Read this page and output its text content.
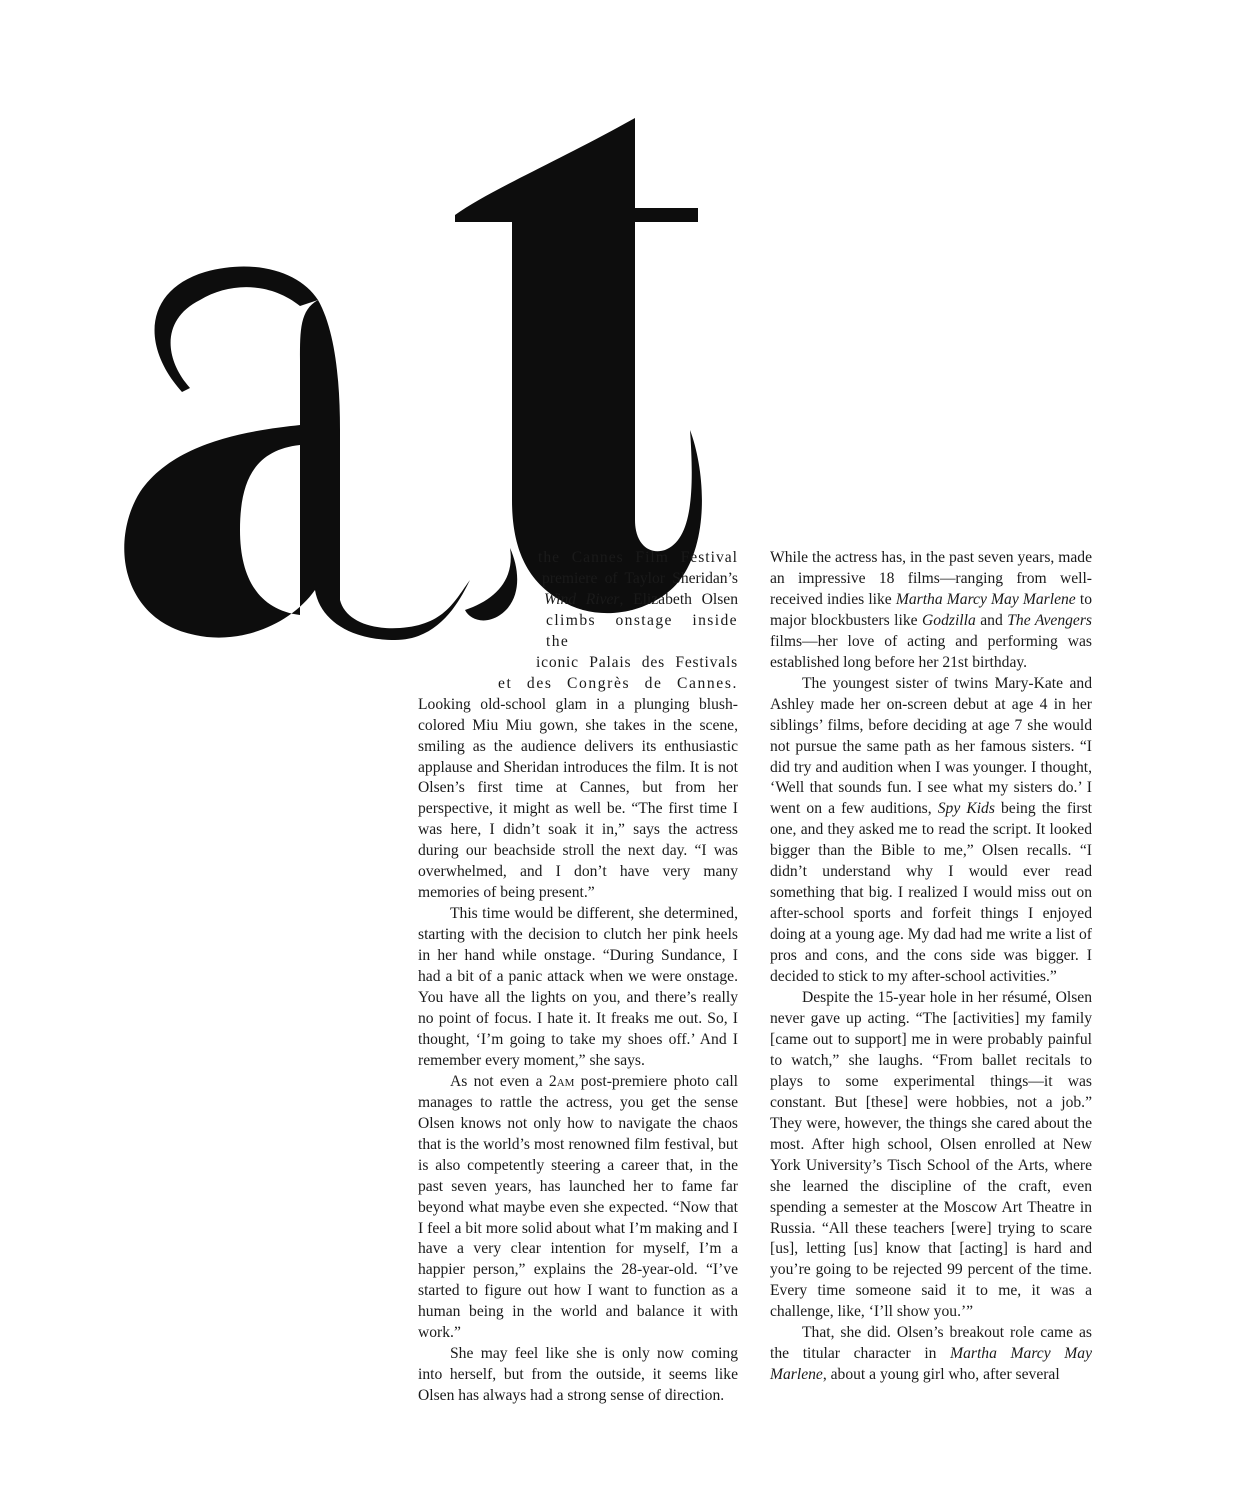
the Cannes Film Festival
premiere of Taylor Sheridan’s
Wind River, Elizabeth Olsen
climbs onstage inside the
iconic Palais des Festivals
et des Congrès de Cannes.

Looking old-school glam in a plunging blush-colored Miu Miu gown, she takes in the scene, smiling as the audience delivers its enthusiastic applause and Sheridan introduces the film. It is not Olsen’s first time at Cannes, but from her perspective, it might as well be. “The first time I was here, I didn’t soak it in,” says the actress during our beachside stroll the next day. “I was overwhelmed, and I don’t have very many memories of being present.”

This time would be different, she determined, starting with the decision to clutch her pink heels in her hand while onstage. “During Sundance, I had a bit of a panic attack when we were onstage. You have all the lights on you, and there’s really no point of focus. I hate it. It freaks me out. So, I thought, ‘I’m going to take my shoes off.’ And I remember every moment,” she says.

As not even a 2am post-premiere photo call manages to rattle the actress, you get the sense Olsen knows not only how to navigate the chaos that is the world’s most renowned film festival, but is also competently steering a career that, in the past seven years, has launched her to fame far beyond what maybe even she expected. “Now that I feel a bit more solid about what I’m making and I have a very clear intention for myself, I’m a happier person,” explains the 28-year-old. “I’ve started to figure out how I want to function as a human being in the world and balance it with work.”

She may feel like she is only now coming into herself, but from the outside, it seems like Olsen has always had a strong sense of direction.

While the actress has, in the past seven years, made an impressive 18 films—ranging from well-received indies like Martha Marcy May Marlene to major blockbusters like Godzilla and The Avengers films—her love of acting and performing was established long before her 21st birthday.

The youngest sister of twins Mary-Kate and Ashley made her on-screen debut at age 4 in her siblings’ films, before deciding at age 7 she would not pursue the same path as her famous sisters. “I did try and audition when I was younger. I thought, ‘Well that sounds fun. I see what my sisters do.’ I went on a few auditions, Spy Kids being the first one, and they asked me to read the script. It looked bigger than the Bible to me,” Olsen recalls. “I didn’t understand why I would ever read something that big. I realized I would miss out on after-school sports and forfeit things I enjoyed doing at a young age. My dad had me write a list of pros and cons, and the cons side was bigger. I decided to stick to my after-school activities.”

Despite the 15-year hole in her résumé, Olsen never gave up acting. “The [activities] my family [came out to support] me in were probably painful to watch,” she laughs. “From ballet recitals to plays to some experimental things—it was constant. But [these] were hobbies, not a job.” They were, however, the things she cared about the most. After high school, Olsen enrolled at New York University’s Tisch School of the Arts, where she learned the discipline of the craft, even spending a semester at the Moscow Art Theatre in Russia. “All these teachers [were] trying to scare [us], letting [us] know that [acting] is hard and you’re going to be rejected 99 percent of the time. Every time someone said it to me, it was a challenge, like, ‘I’ll show you.’”

That, she did. Olsen’s breakout role came as the titular character in Martha Marcy May Marlene, about a young girl who, after several
